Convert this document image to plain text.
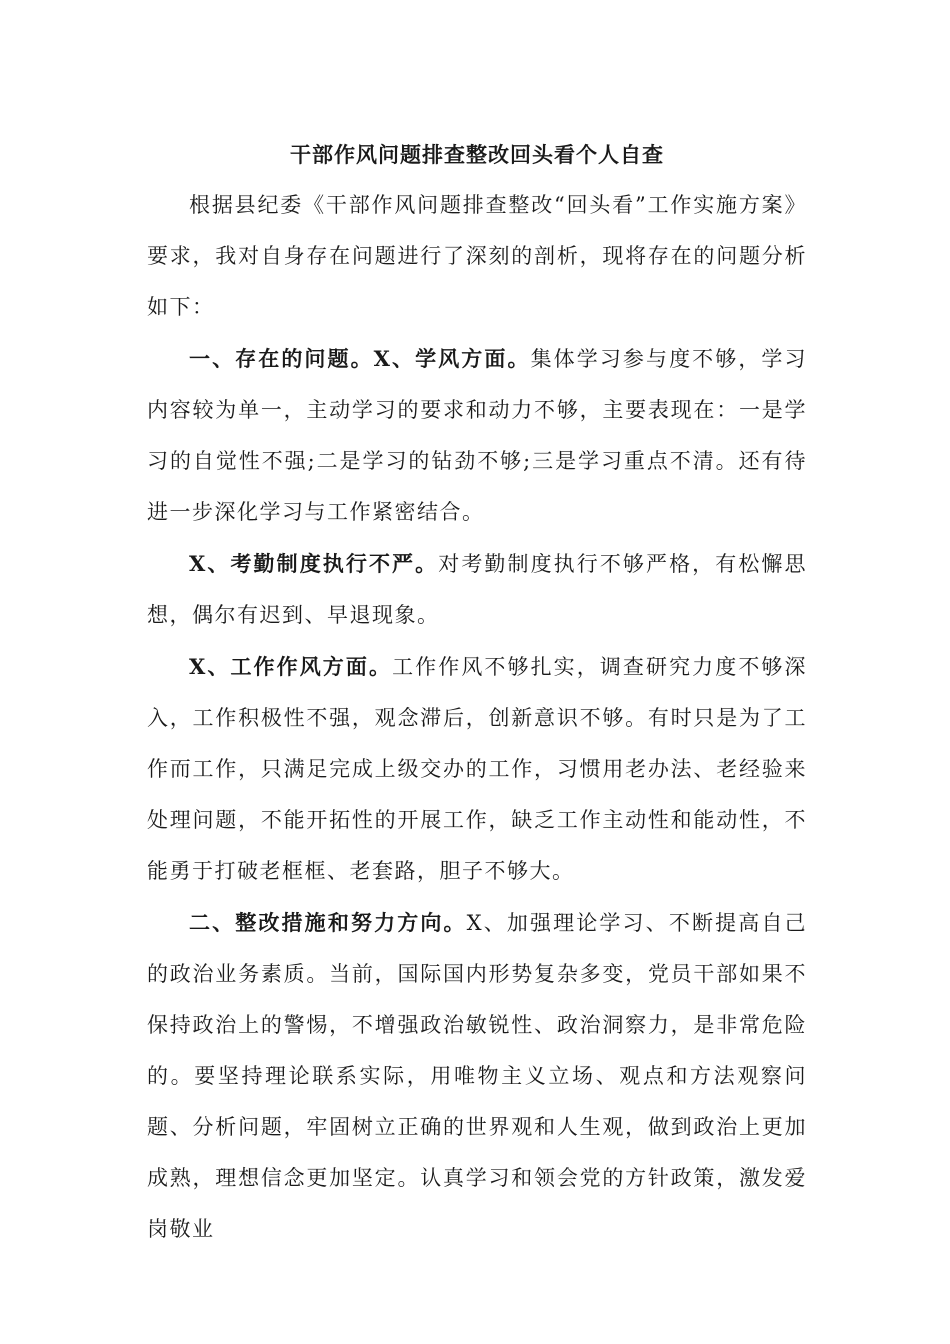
干部作风问题排查整改回头看个人自查

根据县纪委《干部作风问题排查整改“回头看”工作实施方案》要求，我对自身存在问题进行了深刻的剖析，现将存在的问题分析如下：

一、存在的问题。X、学风方面。集体学习参与度不够，学习内容较为单一，主动学习的要求和动力不够，主要表现在：一是学习的自觉性不强;二是学习的钻劲不够;三是学习重点不清。还有待进一步深化学习与工作紧密结合。

X、考勤制度执行不严。对考勤制度执行不够严格，有松懈思想，偶尔有迟到、早退现象。

X、工作作风方面。工作作风不够扎实，调查研究力度不够深入，工作积极性不强，观念滞后，创新意识不够。有时只是为了工作而工作，只满足完成上级交办的工作，习惯用老办法、老经验来处理问题，不能开拓性的开展工作，缺乏工作主动性和能动性，不能勇于打破老框框、老套路，胆子不够大。

二、整改措施和努力方向。X、加强理论学习、不断提高自己的政治业务素质。当前，国际国内形势复杂多变，党员干部如果不保持政治上的警惕，不增强政治敏锐性、政治洞察力，是非常危险的。要坚持理论联系实际，用唯物主义立场、观点和方法观察问题、分析问题，牢固树立正确的世界观和人生观，做到政治上更加成熟，理想信念更加坚定。认真学习和领会党的方针政策，激发爱岗敬业
